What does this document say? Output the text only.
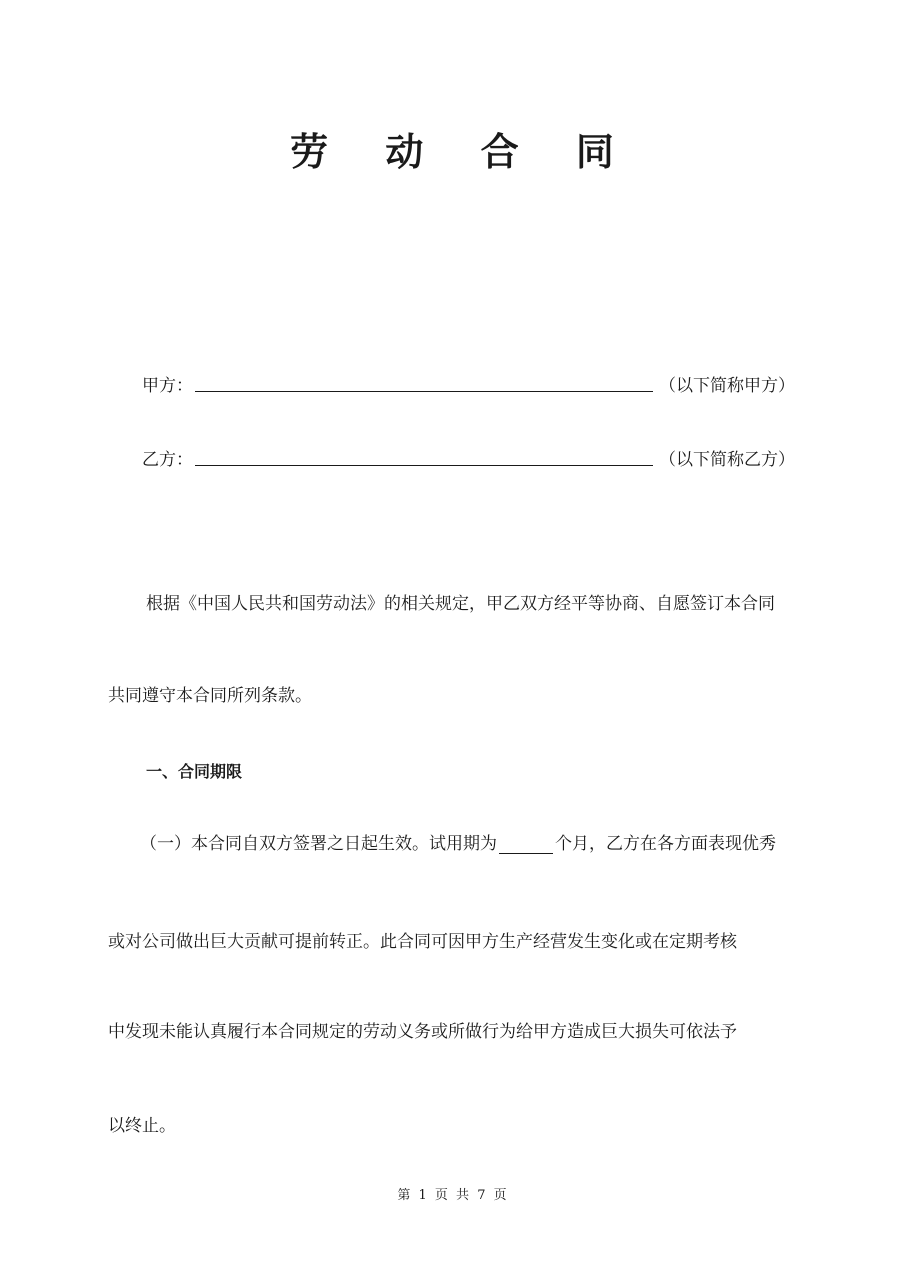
劳 动 合 同
甲方：	（以下简称甲方）
乙方：	（以下简称乙方）
根据《中国人民共和国劳动法》的相关规定，甲乙双方经平等协商、自愿签订本合同
共同遵守本合同所列条款。
一、合同期限
（一）本合同自双方签署之日起生效。试用期为	个月，乙方在各方面表现优秀
或对公司做出巨大贡献可提前转正。此合同可因甲方生产经营发生变化或在定期考核
中发现未能认真履行本合同规定的劳动义务或所做行为给甲方造成巨大损失可依法予
以终止。
第 1 页 共 7 页
